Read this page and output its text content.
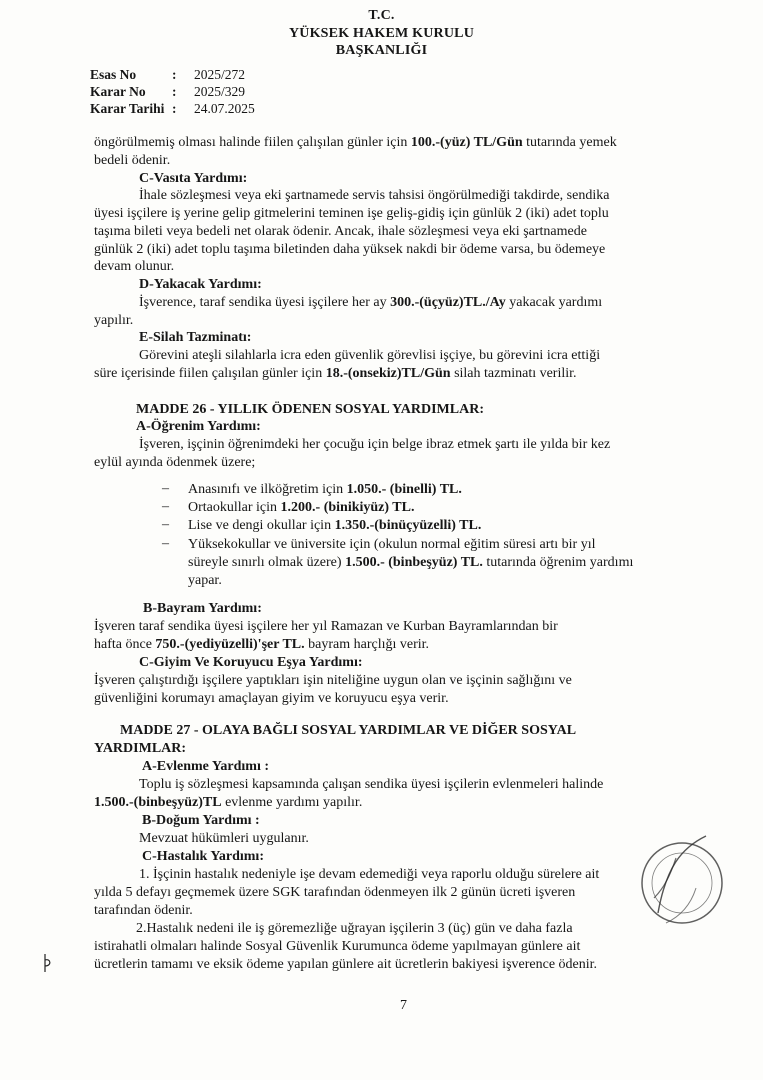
T.C.
YÜKSEK HAKEM KURULU
BAŞKANLIĞI
Esas No	:	2025/272
Karar No	:	2025/329
Karar Tarihi :	24.07.2025
öngörülmemiş olması halinde fiilen çalışılan günler için 100.-(yüz) TL/Gün tutarında yemek
bedeli ödenir.
C-Vasıta Yardımı:
İhale sözleşmesi veya eki şartnamede servis tahsisi öngörülmediği takdirde, sendika
üyesi işçilere iş yerine gelip gitmelerini teminen işe geliş-gidiş için günlük 2 (iki) adet toplu
taşıma bileti veya bedeli net olarak ödenir. Ancak, ihale sözleşmesi veya eki şartnamede
günlük 2 (iki) adet toplu taşıma biletinden daha yüksek nakdi bir ödeme varsa, bu ödemeye
devam olunur.
D-Yakacak Yardımı:
İşverence, taraf sendika üyesi işçilere her ay 300.-(üçyüz)TL./Ay yakacak yardımı
yapılır.
E-Silah Tazminatı:
Görevini ateşli silahlarla icra eden güvenlik görevlisi işçiye, bu görevini icra ettiği
süre içerisinde fiilen çalışılan günler için 18.-(onsekiz)TL/Gün silah tazminatı verilir.
MADDE 26 - YILLIK ÖDENEN SOSYAL YARDIMLAR:
A-Öğrenim Yardımı:
İşveren, işçinin öğrenimdeki her çocuğu için belge ibraz etmek şartı ile yılda bir kez
eylül ayında ödenmek üzere;
– Anasınıfı ve ilköğretim için 1.050.- (binelli) TL.
– Ortaokullar için 1.200.- (binikiyüz) TL.
– Lise ve dengi okullar için 1.350.-(binüçyüzelli) TL.
– Yüksekokullar ve üniversite için (okulun normal eğitim süresi artı bir yıl
süreyle sınırlı olmak üzere) 1.500.- (binbeşyüz) TL. tutarında öğrenim yardımı
yapar.
B-Bayram Yardımı:
İşveren taraf sendika üyesi işçilere her yıl Ramazan ve Kurban Bayramlarından bir
hafta önce 750.-(yediyüzelli)'şer TL. bayram harçlığı verir.
C-Giyim Ve Koruyucu Eşya Yardımı:
İşveren çalıştırdığı işçilere yaptıkları işin niteliğine uygun olan ve işçinin sağlığını ve
güvenliğini korumayı amaçlayan giyim ve koruyucu eşya verir.
MADDE 27 - OLAYA BAĞLI SOSYAL YARDIMLAR VE DİĞER SOSYAL
YARDIMLAR:
A-Evlenme Yardımı :
Toplu iş sözleşmesi kapsamında çalışan sendika üyesi işçilerin evlenmeleri halinde
1.500.-(binbeşyüz)TL evlenme yardımı yapılır.
B-Doğum Yardımı :
Mevzuat hükümleri uygulanır.
C-Hastalık Yardımı:
1. İşçinin hastalık nedeniyle işe devam edemediği veya raporlu olduğu sürelere ait
yılda 5 defayı geçmemek üzere SGK tarafından ödenmeyen ilk 2 günün ücreti işveren
tarafından ödenir.
2.Hastalık nedeni ile iş göremezliğe uğrayan işçilerin 3 (üç) gün ve daha fazla
istirahatli olmaları halinde Sosyal Güvenlik Kurumunca ödeme yapılmayan günlere ait
ücretlerin tamamı ve eksik ödeme yapılan günlere ait ücretlerin bakiyesi işverence ödenir.
7
